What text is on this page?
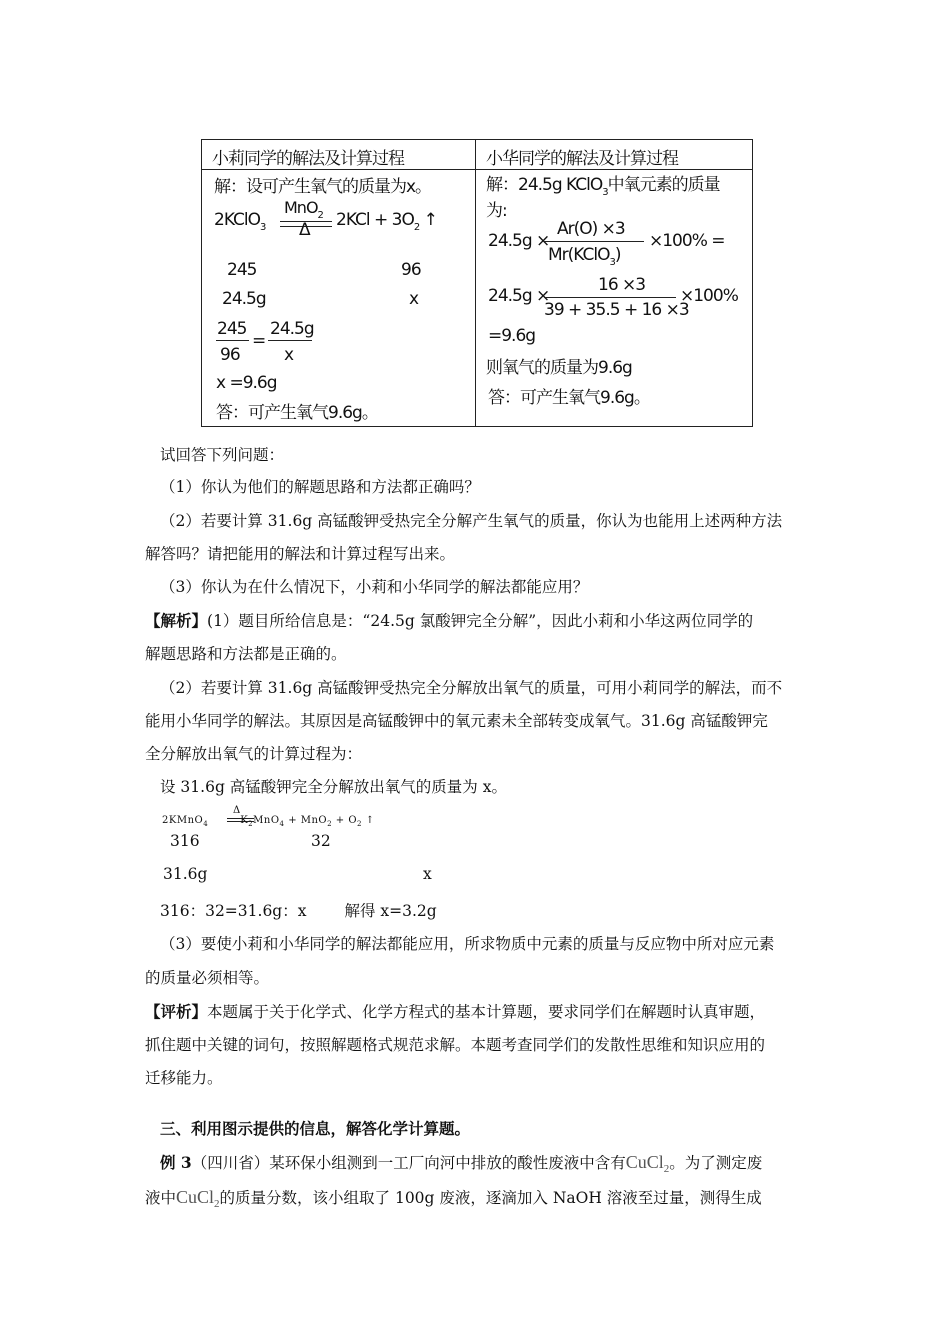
小莉同学的解法及计算过程	小华同学的解法及计算过程
解：设可产生氧气的质量为x。
MnO$_2$
Δ
2KClO$_3$	$2KCl + 3O_2$ ↑
245	96
24.5g	x
245
96
=
24.5g
x
x =9.6g
答：可产生氧气9.6g。
解：24.5g KClO$_3$中氧元素的质量
为:
24.5g ×
Ar(O) ×3
Mr(KClO$_3$)
×100% =
24.5g ×
16 ×3
39 + 35.5 + 16 ×3
×100%
=9.6g
则氧气的质量为9.6g
答：可产生氧气9.6g。
试回答下列问题：
（1）你认为他们的解题思路和方法都正确吗？
（2）若要计算 31.6g 高锰酸钾受热完全分解产生氧气的质量，你认为也能用上述两种方法
解答吗？请把能用的解法和计算过程写出来。
（3）你认为在什么情况下，小莉和小华同学的解法都能应用？
【解析】(1）题目所给信息是：“24.5g 氯酸钾完全分解”，因此小莉和小华这两位同学的
解题思路和方法都是正确的。
（2）若要计算 31.6g 高锰酸钾受热完全分解放出氧气的质量，可用小莉同学的解法，而不
能用小华同学的解法。其原因是高锰酸钾中的氧元素未全部转变成氧气。31.6g 高锰酸钾完
全分解放出氧气的计算过程为：
设 31.6g 高锰酸钾完全分解放出氧气的质量为 x。
Δ
2KMnO$_4$	$K_2MnO_4 + MnO_2 + O_2$ ↑
316	32
31.6g	x
316：32=31.6g：x 解得 x=3.2g
（3）要使小莉和小华同学的解法都能应用，所求物质中元素的质量与反应物中所对应元素
的质量必须相等。
【评析】本题属于关于化学式、化学方程式的基本计算题，要求同学们在解题时认真审题，
抓住题中关键的词句，按照解题格式规范求解。本题考查同学们的发散性思维和知识应用的
迁移能力。
三、利用图示提供的信息，解答化学计算题。
例 3（四川省）某环保小组测到一工厂向河中排放的酸性废液中含有CuCl$_2$。为了测定废
液中CuCl$_2$的质量分数，该小组取了 100g 废液，逐滴加入 NaOH 溶液至过量，测得生成
